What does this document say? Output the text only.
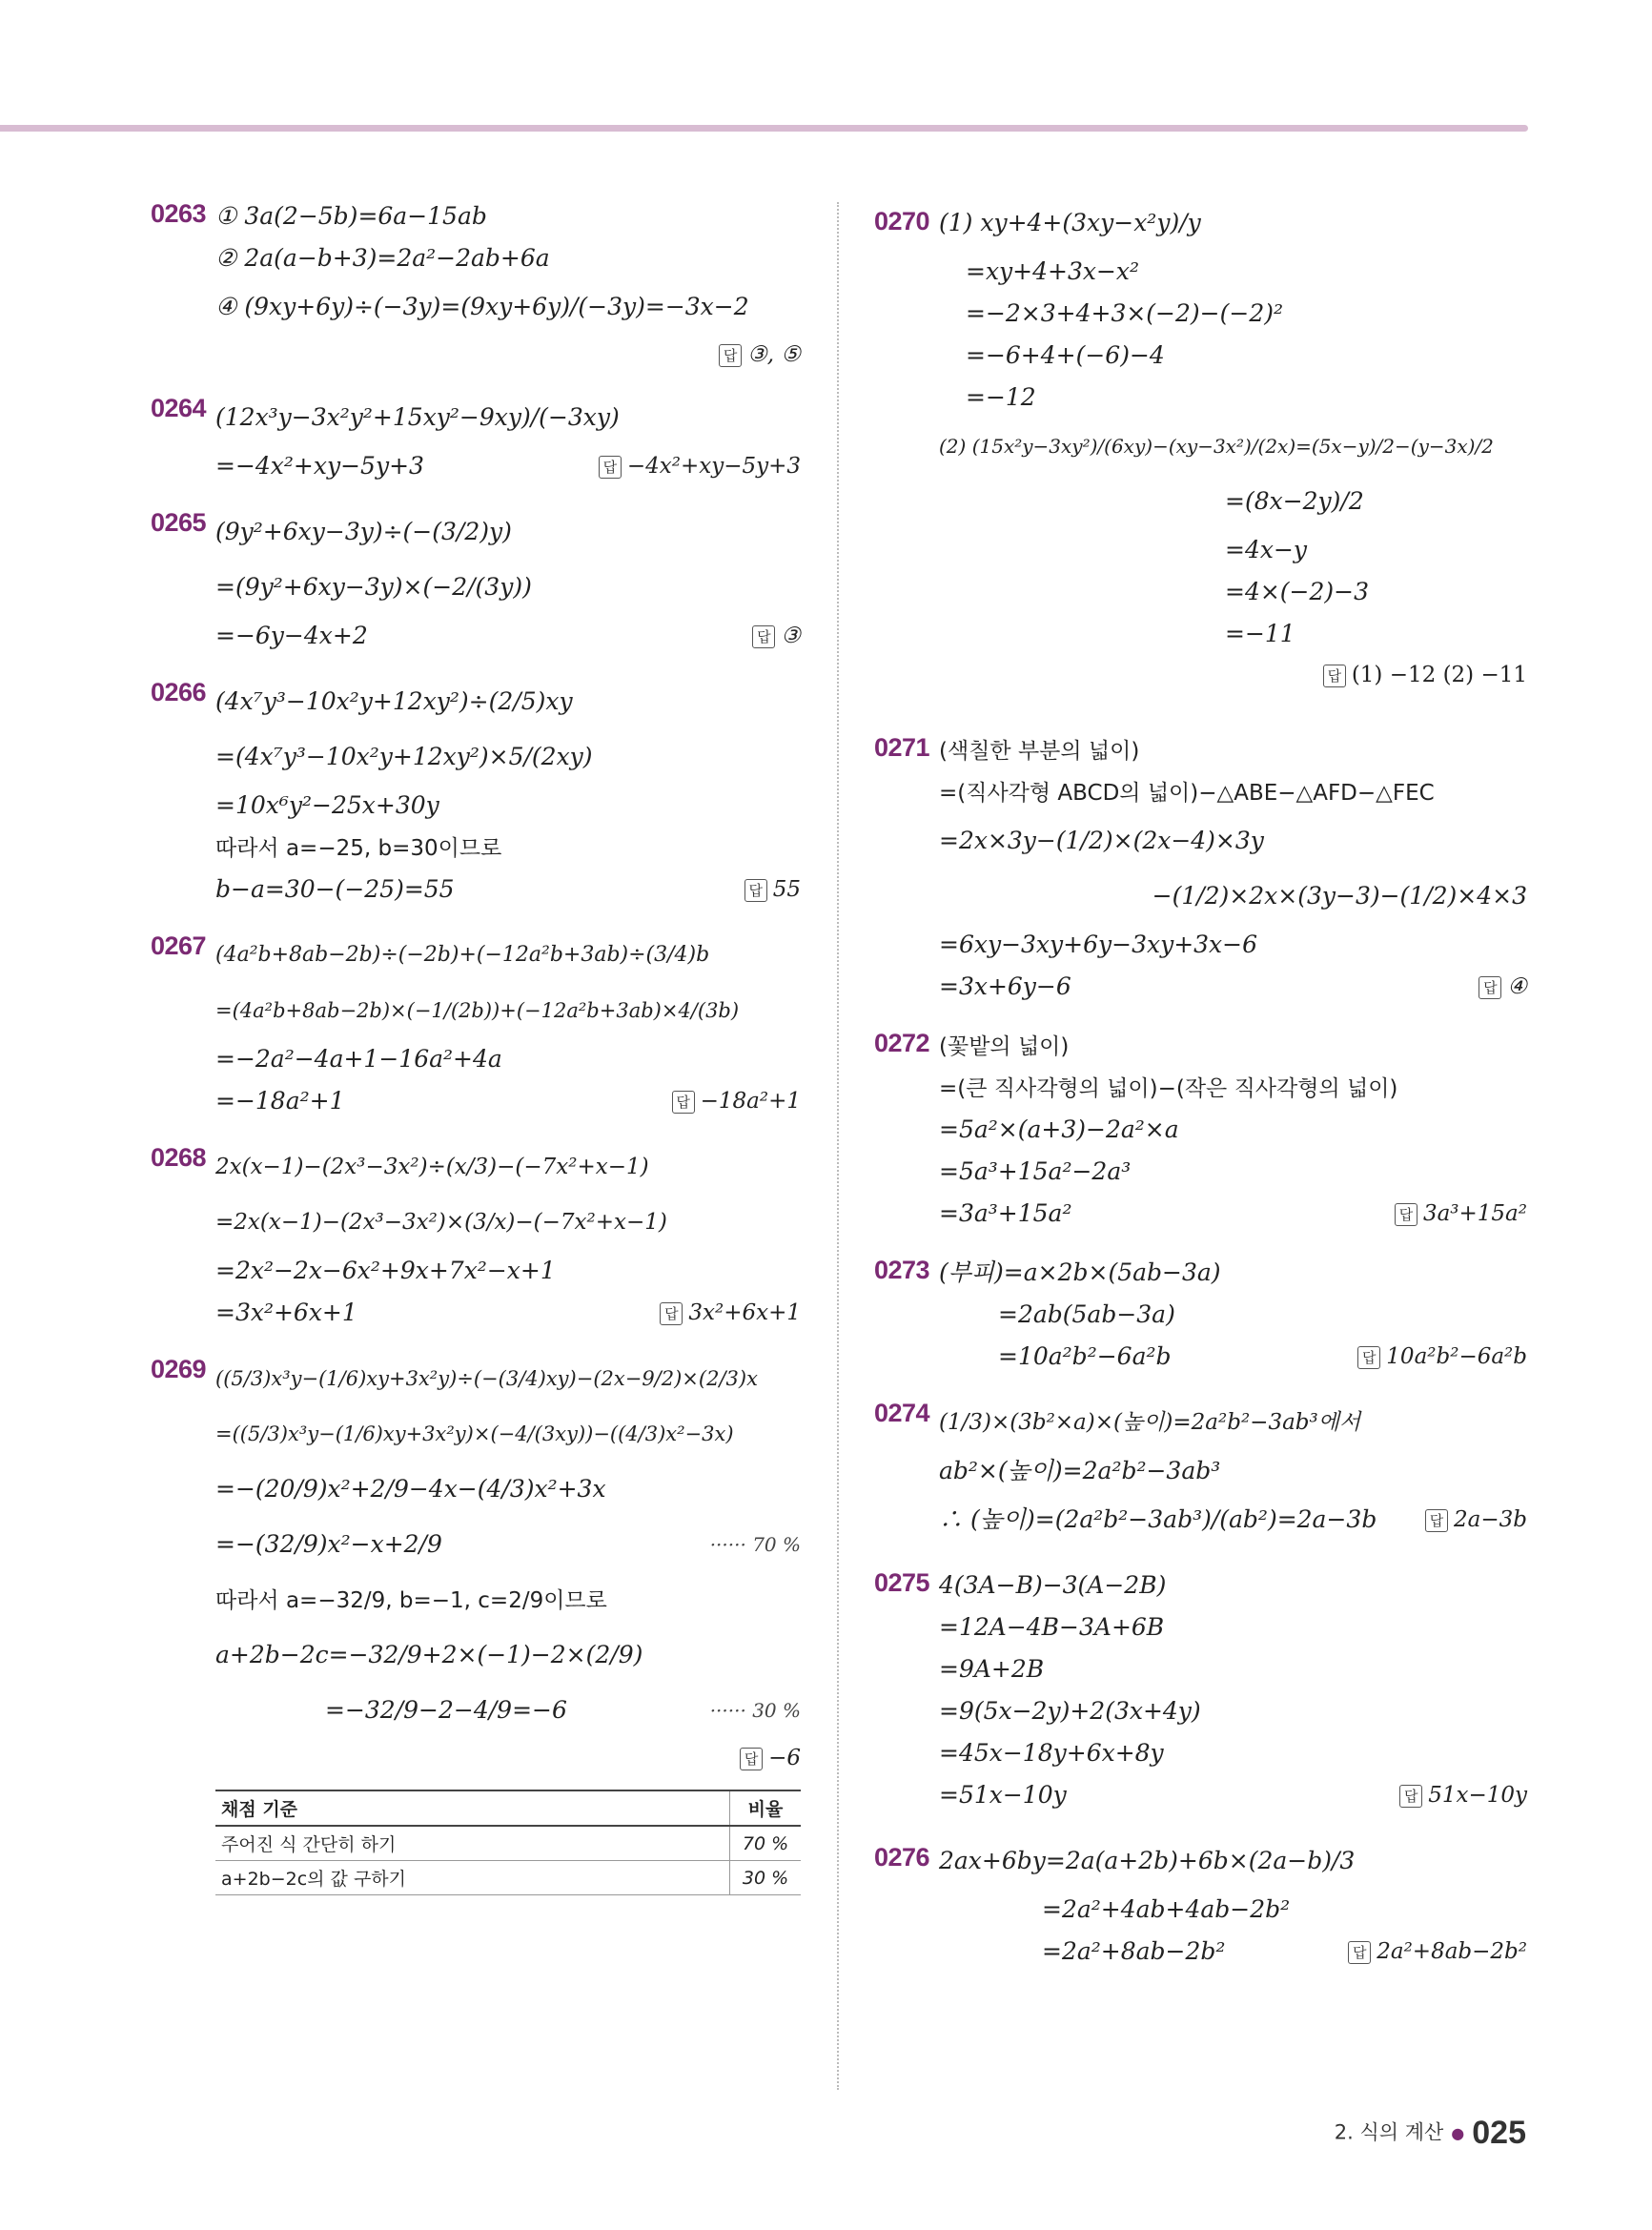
0263 ① 3a(2−5b)=6a−15ab
② 2a(a−b+3)=2a²−2ab+6a
④ (9xy+6y)÷(−3y)=(9xy+6y)/(−3y)=−3x−2
답 ③, ⑤
0264 (12x³y−3x²y²+15xy²−9xy)/(−3xy)
=−4x²+xy−5y+3	답 −4x²+xy−5y+3
0265 (9y²+6xy−3y)÷(−(3/2)y)
=(9y²+6xy−3y)×(−2/(3y))
=−6y−4x+2	답 ③
0266 (4x⁷y³−10x²y+12xy²)÷(2/5)xy
=(4x⁷y³−10x²y+12xy²)×5/(2xy)
=10x⁶y²−25x+30y
따라서 a=−25, b=30이므로
b−a=30−(−25)=55	답 55
0267 (4a²b+8ab−2b)÷(−2b)+(−12a²b+3ab)÷(3/4)b
=(4a²b+8ab−2b)×(−1/(2b))+(−12a²b+3ab)×4/(3b)
=−2a²−4a+1−16a²+4a
=−18a²+1	답 −18a²+1
0268 2x(x−1)−(2x³−3x²)÷(x/3)−(−7x²+x−1)
=2x(x−1)−(2x³−3x²)×(3/x)−(−7x²+x−1)
=2x²−2x−6x²+9x+7x²−x+1
=3x²+6x+1	답 3x²+6x+1
0269 ((5/3)x³y−(1/6)xy+3x²y)÷(−(3/4)xy)−(2x−9/2)×(2/3)x
=((5/3)x³y−(1/6)xy+3x²y)×(−4/(3xy))−((4/3)x²−3x)
=−(20/9)x²+2/9−4x−(4/3)x²+3x
=−(32/9)x²−x+2/9	······ 70 %
따라서 a=−32/9, b=−1, c=2/9이므로
a+2b−2c=−32/9+2×(−1)−2×(2/9)
=−32/9−2−4/9=−6	······ 30 %
답 −6
채점 기준	비율
주어진 식 간단히 하기	70 %
a+2b−2c의 값 구하기	30 %
0270 (1) xy+4+(3xy−x²y)/y
=xy+4+3x−x²
=−2×3+4+3×(−2)−(−2)²
=−6+4+(−6)−4
=−12
(2) (15x²y−3xy²)/(6xy)−(xy−3x²)/(2x)=(5x−y)/2−(y−3x)/2
=(8x−2y)/2
=4x−y
=4×(−2)−3
=−11
답 (1) −12 (2) −11
0271 (색칠한 부분의 넓이)
=(직사각형 ABCD의 넓이)−△ABE−△AFD−△FEC
=2x×3y−(1/2)×(2x−4)×3y
−(1/2)×2x×(3y−3)−(1/2)×4×3
=6xy−3xy+6y−3xy+3x−6
=3x+6y−6	답 ④
0272 (꽃밭의 넓이)
=(큰 직사각형의 넓이)−(작은 직사각형의 넓이)
=5a²×(a+3)−2a²×a
=5a³+15a²−2a³
=3a³+15a²	답 3a³+15a²
0273 (부피)=a×2b×(5ab−3a)
=2ab(5ab−3a)
=10a²b²−6a²b	답 10a²b²−6a²b
0274 (1/3)×(3b²×a)×(높이)=2a²b²−3ab³에서
ab²×(높이)=2a²b²−3ab³
∴ (높이)=(2a²b²−3ab³)/(ab²)=2a−3b	답 2a−3b
0275 4(3A−B)−3(A−2B)
=12A−4B−3A+6B
=9A+2B
=9(5x−2y)+2(3x+4y)
=45x−18y+6x+8y
=51x−10y	답 51x−10y
0276 2ax+6by=2a(a+2b)+6b×(2a−b)/3
=2a²+4ab+4ab−2b²
=2a²+8ab−2b²	답 2a²+8ab−2b²
2. 식의 계산 ● 025
